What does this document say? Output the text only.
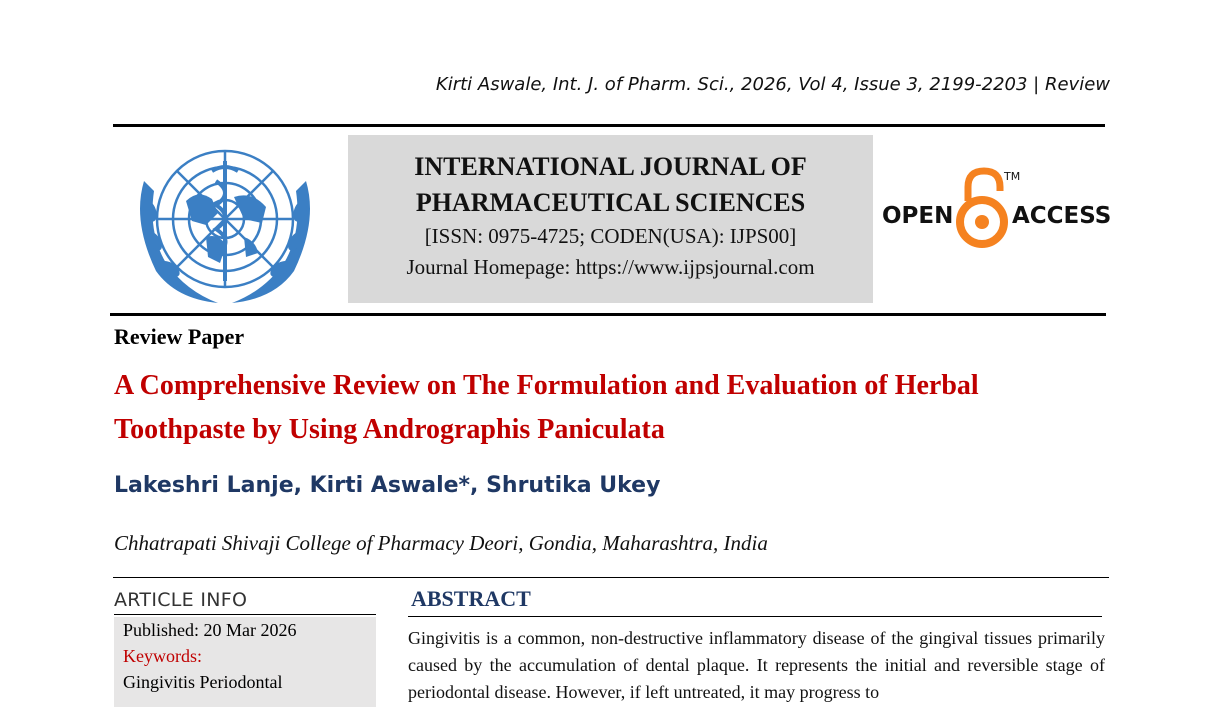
Kirti Aswale, Int. J. of Pharm. Sci., 2026, Vol 4, Issue 3, 2199-2203 | Review
INTERNATIONAL JOURNAL OF
PHARMACEUTICAL SCIENCES
[ISSN: 0975-4725; CODEN(USA): IJPS00]
Journal Homepage: https://www.ijpsjournal.com
OPEN
TM
ACCESS
Review Paper
A Comprehensive Review on The Formulation and Evaluation of Herbal Toothpaste by Using Andrographis Paniculata
Lakeshri Lanje, Kirti Aswale*, Shrutika Ukey
Chhatrapati Shivaji College of Pharmacy Deori, Gondia, Maharashtra, India
ARTICLE INFO
Published: 20 Mar 2026
Keywords:
Gingivitis Periodontal
ABSTRACT
Gingivitis is a common, non-destructive inflammatory disease of the gingival tissues primarily caused by the accumulation of dental plaque. It represents the initial and reversible stage of periodontal disease. However, if left untreated, it may progress to
